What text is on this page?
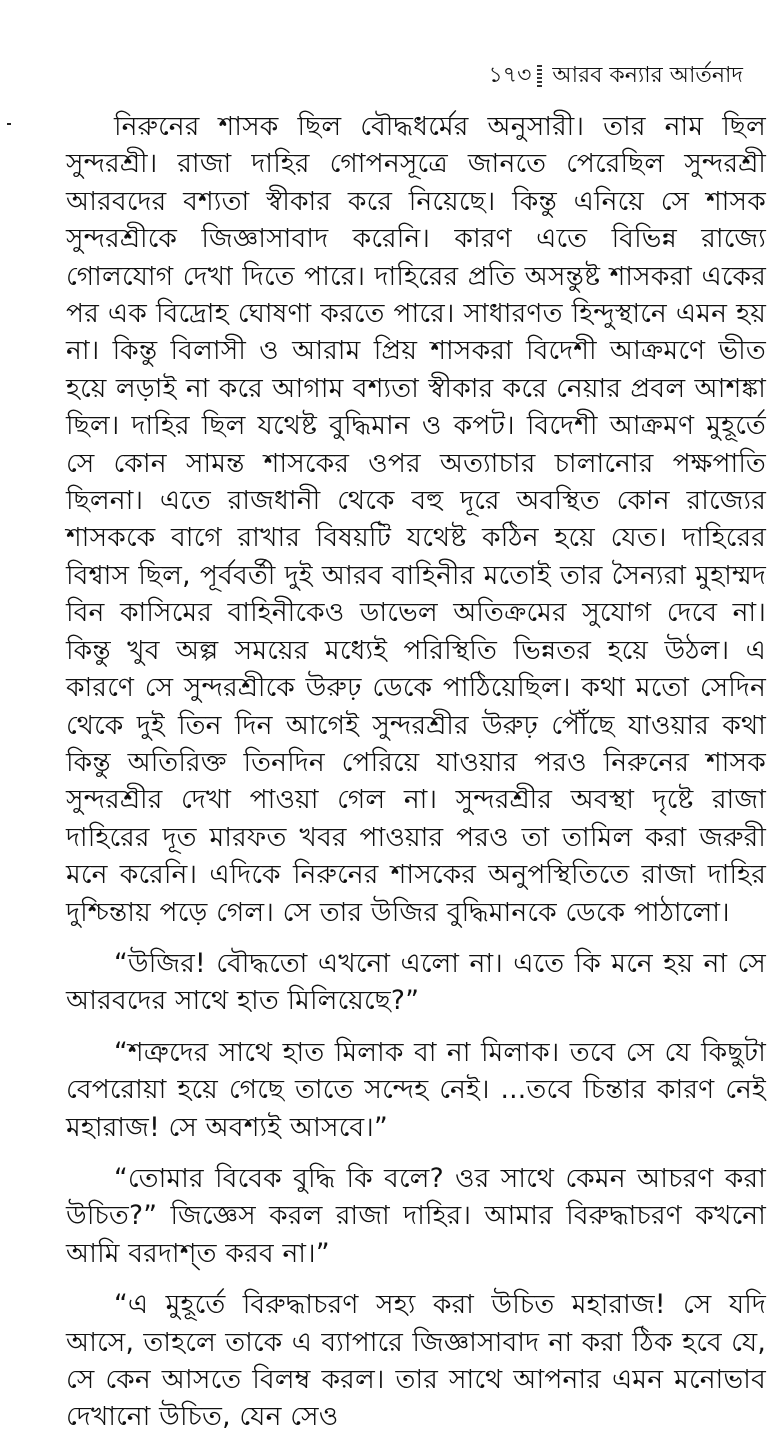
১৭৩ আরব কন্যার আর্তনাদ

নিরুনের শাসক ছিল বৌদ্ধধর্মের অনুসারী। তার নাম ছিল সুন্দরশ্রী। রাজা দাহির গোপনসূত্রে জানতে পেরেছিল সুন্দরশ্রী আরবদের বশ্যতা স্বীকার করে নিয়েছে। কিন্তু এনিয়ে সে শাসক সুন্দরশ্রীকে জিজ্ঞাসাবাদ করেনি। কারণ এতে বিভিন্ন রাজ্যে গোলযোগ দেখা দিতে পারে। দাহিরের প্রতি অসন্তুষ্ট শাসকরা একের পর এক বিদ্রোহ ঘোষণা করতে পারে। সাধারণত হিন্দুস্থানে এমন হয় না। কিন্তু বিলাসী ও আরাম প্রিয় শাসকরা বিদেশী আক্রমণে ভীত হয়ে লড়াই না করে আগাম বশ্যতা স্বীকার করে নেয়ার প্রবল আশঙ্কা ছিল। দাহির ছিল যথেষ্ট বুদ্ধিমান ও কপট। বিদেশী আক্রমণ মুহূর্তে সে কোন সামন্ত শাসকের ওপর অত্যাচার চালানোর পক্ষপাতি ছিলনা। এতে রাজধানী থেকে বহু দূরে অবস্থিত কোন রাজ্যের শাসককে বাগে রাখার বিষয়টি যথেষ্ট কঠিন হয়ে যেত। দাহিরের বিশ্বাস ছিল, পূর্ববর্তী দুই আরব বাহিনীর মতোই তার সৈন্যরা মুহাম্মদ বিন কাসিমের বাহিনীকেও ডাভেল অতিক্রমের সুযোগ দেবে না। কিন্তু খুব অল্প সময়ের মধ্যেই পরিস্থিতি ভিন্নতর হয়ে উঠল। এ কারণে সে সুন্দরশ্রীকে উরুঢ় ডেকে পাঠিয়েছিল। কথা মতো সেদিন থেকে দুই তিন দিন আগেই সুন্দরশ্রীর উরুঢ় পৌঁছে যাওয়ার কথা কিন্তু অতিরিক্ত তিনদিন পেরিয়ে যাওয়ার পরও নিরুনের শাসক সুন্দরশ্রীর দেখা পাওয়া গেল না। সুন্দরশ্রীর অবস্থা দৃষ্টে রাজা দাহিরের দূত মারফত খবর পাওয়ার পরও তা তামিল করা জরুরী মনে করেনি। এদিকে নিরুনের শাসকের অনুপস্থিতিতে রাজা দাহির দুশ্চিন্তায় পড়ে গেল। সে তার উজির বুদ্ধিমানকে ডেকে পাঠালো।

“উজির! বৌদ্ধতো এখনো এলো না। এতে কি মনে হয় না সে আরবদের সাথে হাত মিলিয়েছে?”

“শত্রুদের সাথে হাত মিলাক বা না মিলাক। তবে সে যে কিছুটা বেপরোয়া হয়ে গেছে তাতে সন্দেহ নেই। ...তবে চিন্তার কারণ নেই মহারাজ! সে অবশ্যই আসবে।”

“তোমার বিবেক বুদ্ধি কি বলে? ওর সাথে কেমন আচরণ করা উচিত?” জিজ্ঞেস করল রাজা দাহির। আমার বিরুদ্ধাচরণ কখনো আমি বরদাশ্‌ত করব না।”

“এ মুহূর্তে বিরুদ্ধাচরণ সহ্য করা উচিত মহারাজ! সে যদি আসে, তাহলে তাকে এ ব্যাপারে জিজ্ঞাসাবাদ না করা ঠিক হবে যে, সে কেন আসতে বিলম্ব করল। তার সাথে আপনার এমন মনোভাব দেখানো উচিত, যেন সেও
